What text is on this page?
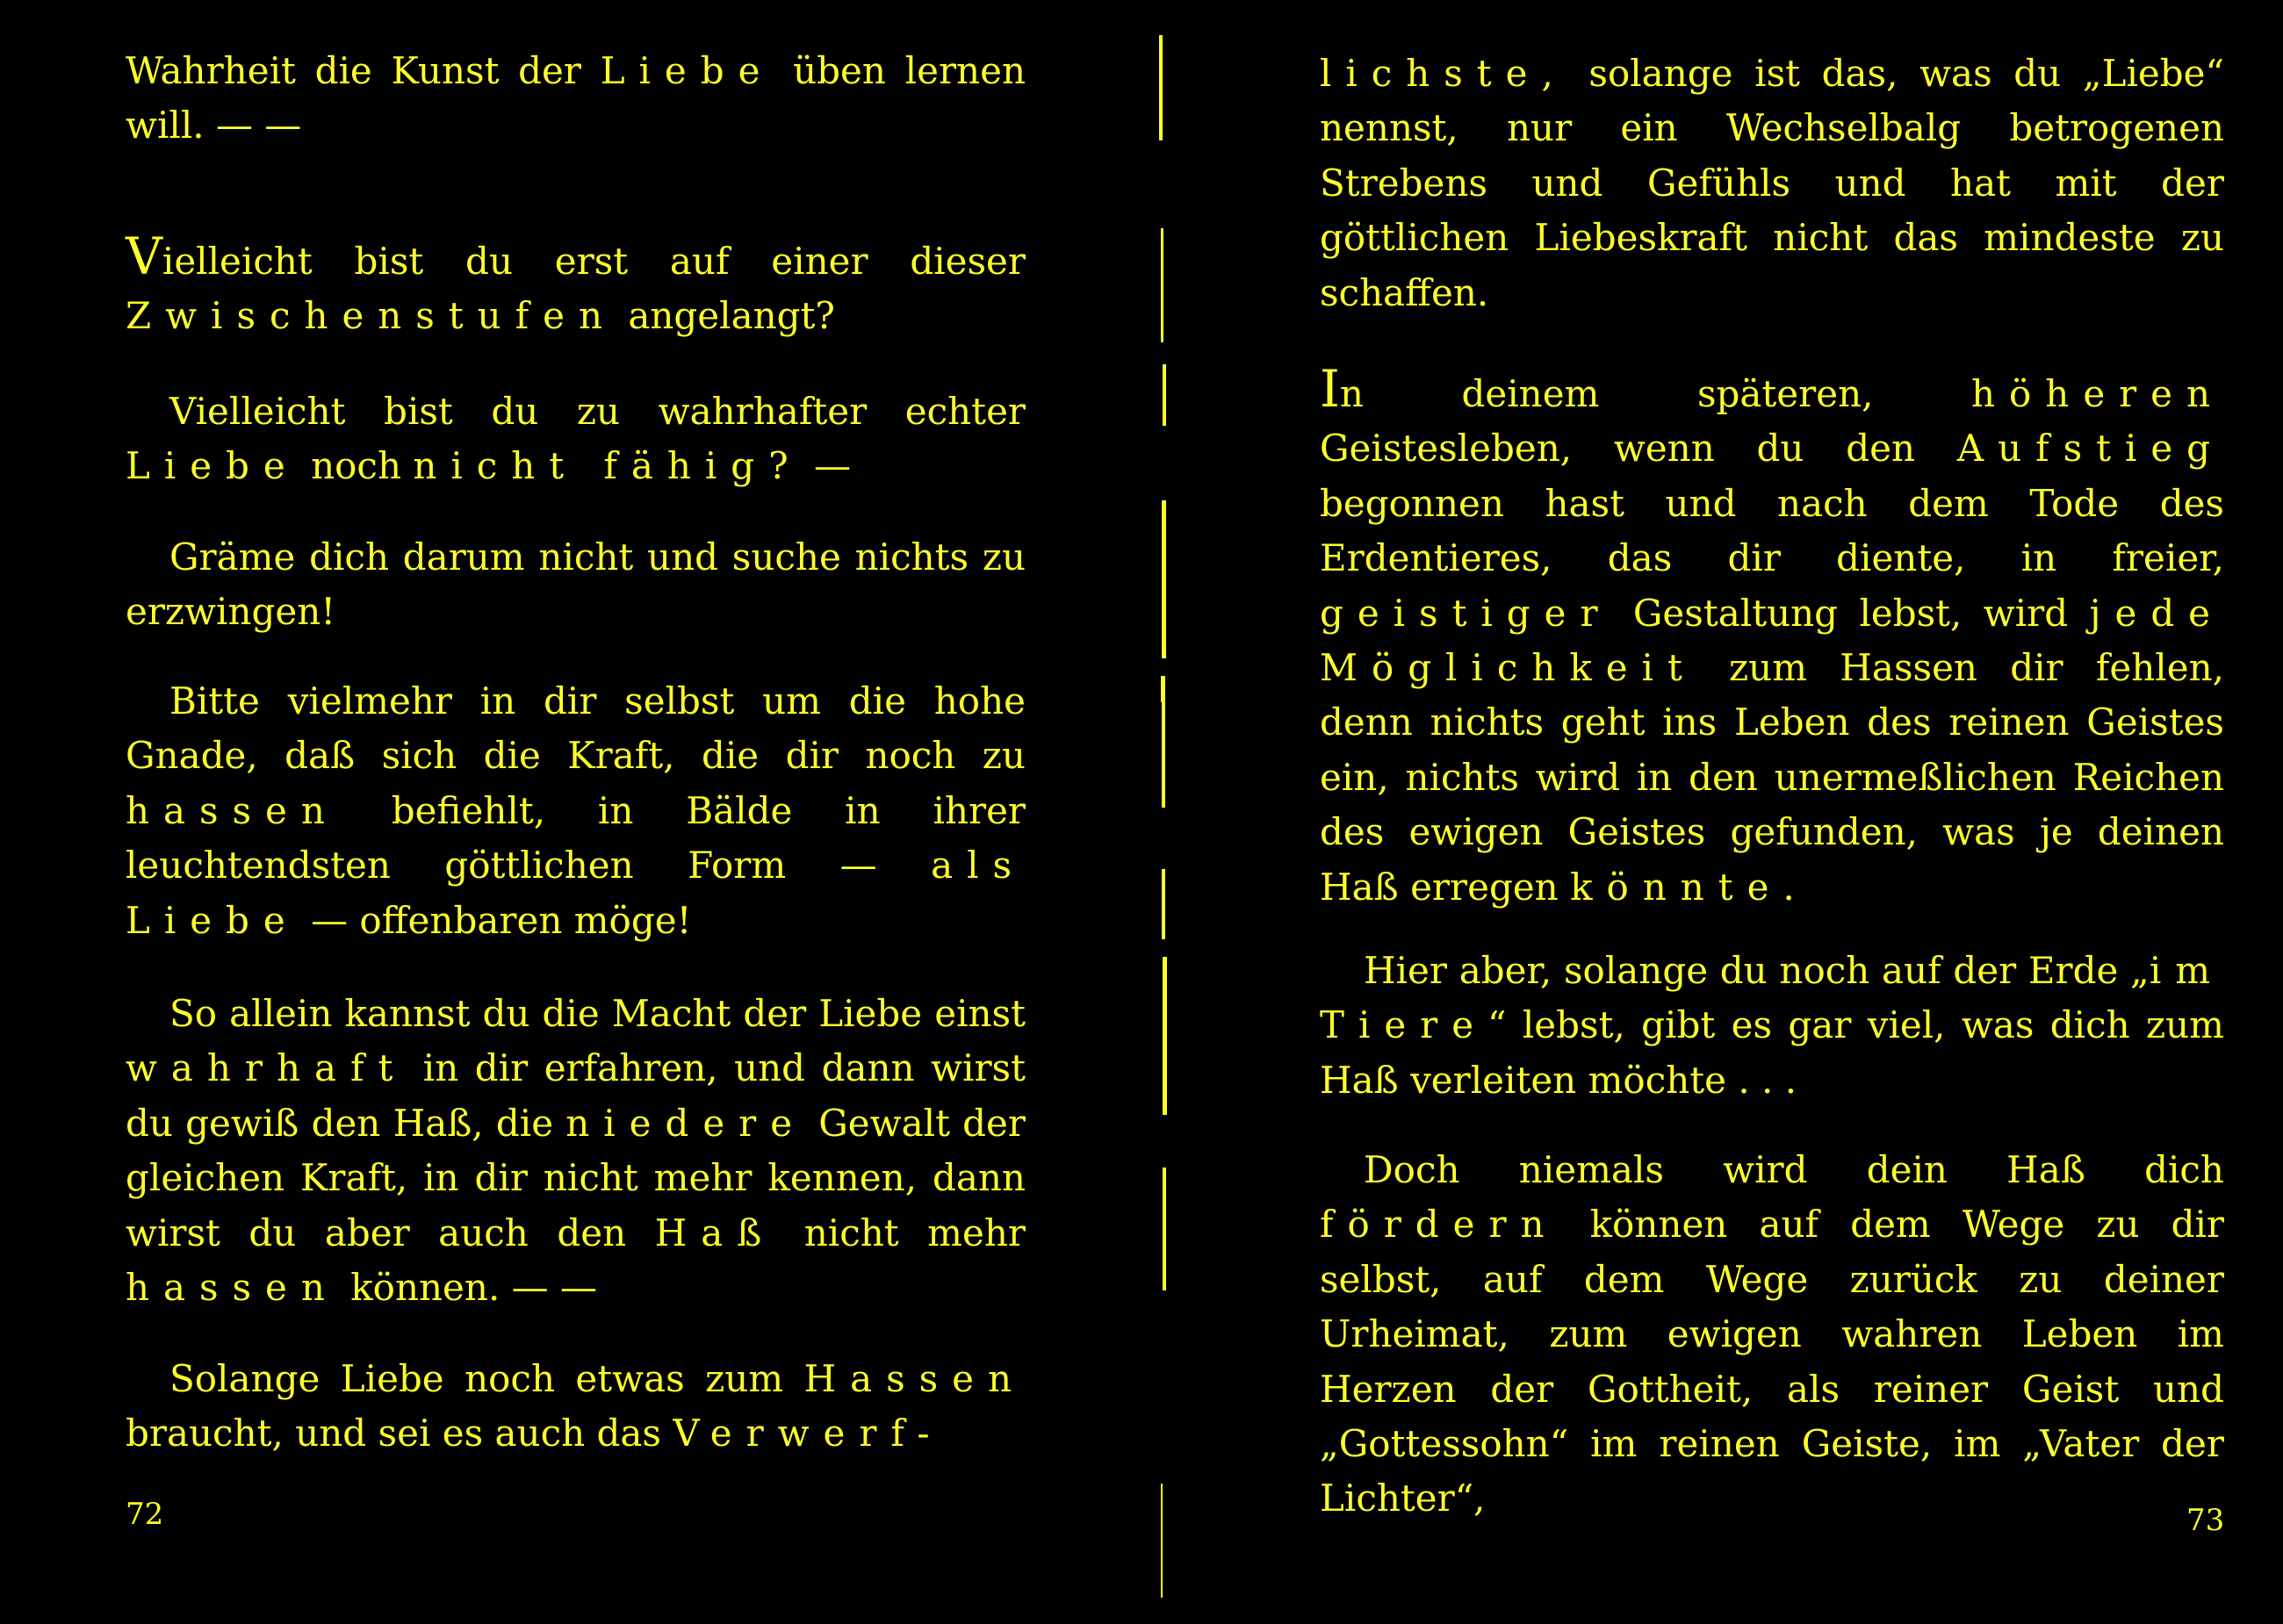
Wahrheit die Kunst der Liebe üben lernen will. — —

Vielleicht bist du erst auf einer dieser Zwischenstufen angelangt?

Vielleicht bist du zu wahrhafter echter Liebe noch nicht fähig? —

Gräme dich darum nicht und suche nichts zu erzwingen!

Bitte vielmehr in dir selbst um die hohe Gnade, daß sich die Kraft, die dir noch zu hassen befiehlt, in Bälde in ihrer leuchtendsten göttlichen Form — als Liebe — offenbaren möge!

So allein kannst du die Macht der Liebe einst wahrhaft in dir erfahren, und dann wirst du gewiß den Haß, die niedere Gewalt der gleichen Kraft, in dir nicht mehr kennen, dann wirst du aber auch den Haß nicht mehr hassen können. — —

Solange Liebe noch etwas zum Hassen braucht, und sei es auch das Verwerf-

lichste, solange ist das, was du „Liebe“ nennst, nur ein Wechselbalg betrogenen Strebens und Gefühls und hat mit der göttlichen Liebeskraft nicht das mindeste zu schaffen.

In deinem späteren, höheren Geistesleben, wenn du den Aufstieg begonnen hast und nach dem Tode des Erdentieres, das dir diente, in freier, geistiger Gestaltung lebst, wird jede Möglichkeit zum Hassen dir fehlen, denn nichts geht ins Leben des reinen Geistes ein, nichts wird in den unermeßlichen Reichen des ewigen Geistes gefunden, was je deinen Haß erregen könnte.

Hier aber, solange du noch auf der Erde „im Tiere“ lebst, gibt es gar viel, was dich zum Haß verleiten möchte . . .

Doch niemals wird dein Haß dich fördern können auf dem Wege zu dir selbst, auf dem Wege zurück zu deiner Urheimat, zum ewigen wahren Leben im Herzen der Gottheit, als reiner Geist und „Gottessohn“ im reinen Geiste, im „Vater der Lichter“,

72	73
